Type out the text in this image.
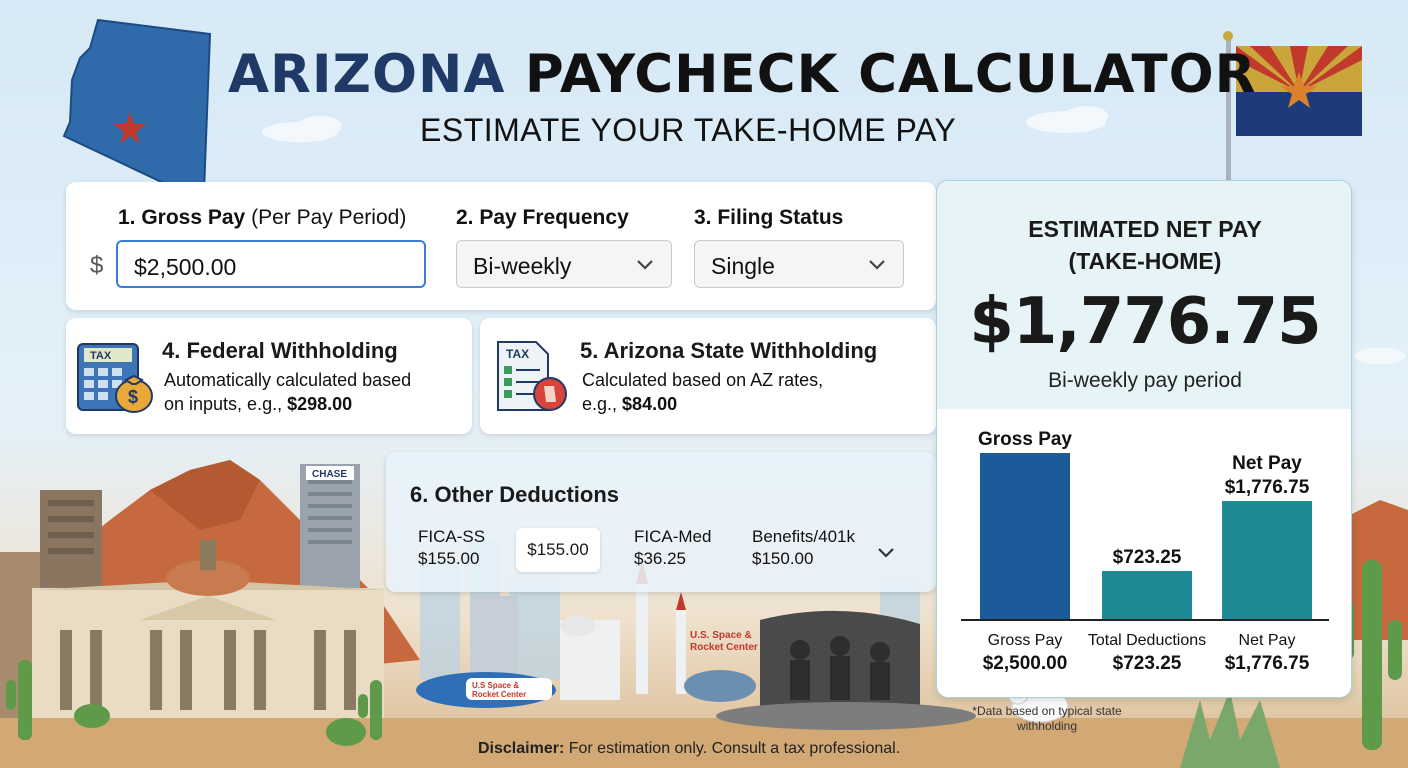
CHASE
U.S. Space &
Rocket Center
U.S Space &
Rocket Center
ARIZONA PAYCHECK CALCULATOR
ESTIMATE YOUR TAKE-HOME PAY
1. Gross Pay (Per Pay Period)
$	$2,500.00
2. Pay Frequency
Bi-weekly
3. Filing Status
Single
TAX
$
4. Federal Withholding
Automatically calculated based
on inputs, e.g., $298.00
TAX 5. Arizona State Withholding
Calculated based on AZ rates,
e.g., $84.00
6. Other Deductions
FICA-SS
$155.00	$155.00
FICA-Med
$36.25
Benefits/401k
$150.00
ESTIMATED NET PAY
(TAKE-HOME)
$1,776.75
Bi-weekly pay period
Gross Pay
Gross Pay
$2,500.00
$723.25
Total Deductions
$723.25
Net Pay
$1,776.75
Net Pay
$1,776.75
Disclaimer: For estimation only. Consult a tax professional.
*Data based on typical state withholding
